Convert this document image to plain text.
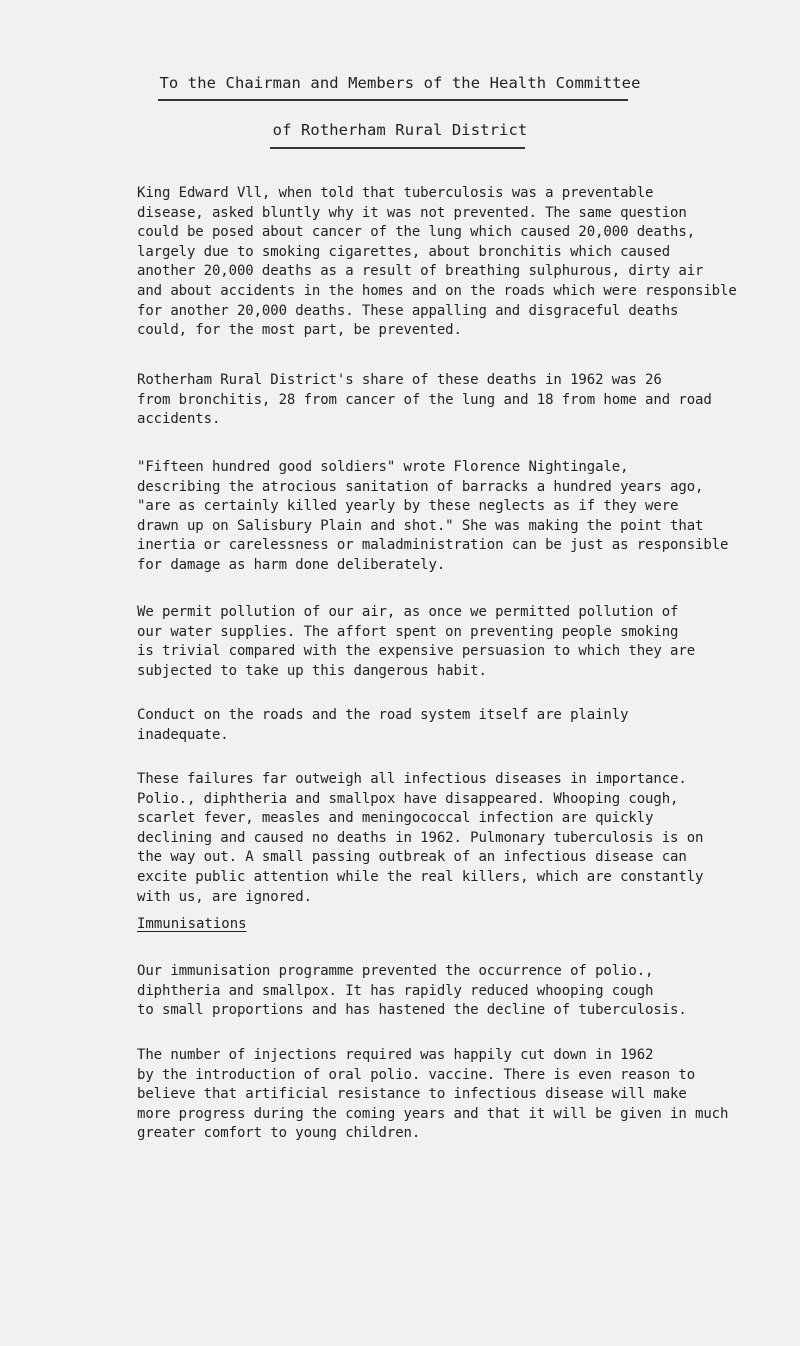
To the Chairman and Members of the Health Committee
of Rotherham Rural District

King Edward Vll, when told that tuberculosis was a preventable
disease, asked bluntly why it was not prevented. The same question
could be posed about cancer of the lung which caused 20,000 deaths,
largely due to smoking cigarettes, about bronchitis which caused
another 20,000 deaths as a result of breathing sulphurous, dirty air
and about accidents in the homes and on the roads which were responsible
for another 20,000 deaths. These appalling and disgraceful deaths
could, for the most part, be prevented.

Rotherham Rural District's share of these deaths in 1962 was 26
from bronchitis, 28 from cancer of the lung and 18 from home and road
accidents.

"Fifteen hundred good soldiers" wrote Florence Nightingale,
describing the atrocious sanitation of barracks a hundred years ago,
"are as certainly killed yearly by these neglects as if they were
drawn up on Salisbury Plain and shot." She was making the point that
inertia or carelessness or maladministration can be just as responsible
for damage as harm done deliberately.

We permit pollution of our air, as once we permitted pollution of
our water supplies. The affort spent on preventing people smoking
is trivial compared with the expensive persuasion to which they are
subjected to take up this dangerous habit.

Conduct on the roads and the road system itself are plainly
inadequate.

These failures far outweigh all infectious diseases in importance.
Polio., diphtheria and smallpox have disappeared. Whooping cough,
scarlet fever, measles and meningococcal infection are quickly
declining and caused no deaths in 1962. Pulmonary tuberculosis is on
the way out. A small passing outbreak of an infectious disease can
excite public attention while the real killers, which are constantly
with us, are ignored.

Immunisations

Our immunisation programme prevented the occurrence of polio.,
diphtheria and smallpox. It has rapidly reduced whooping cough
to small proportions and has hastened the decline of tuberculosis.

The number of injections required was happily cut down in 1962
by the introduction of oral polio. vaccine. There is even reason to
believe that artificial resistance to infectious disease will make
more progress during the coming years and that it will be given in much
greater comfort to young children.
